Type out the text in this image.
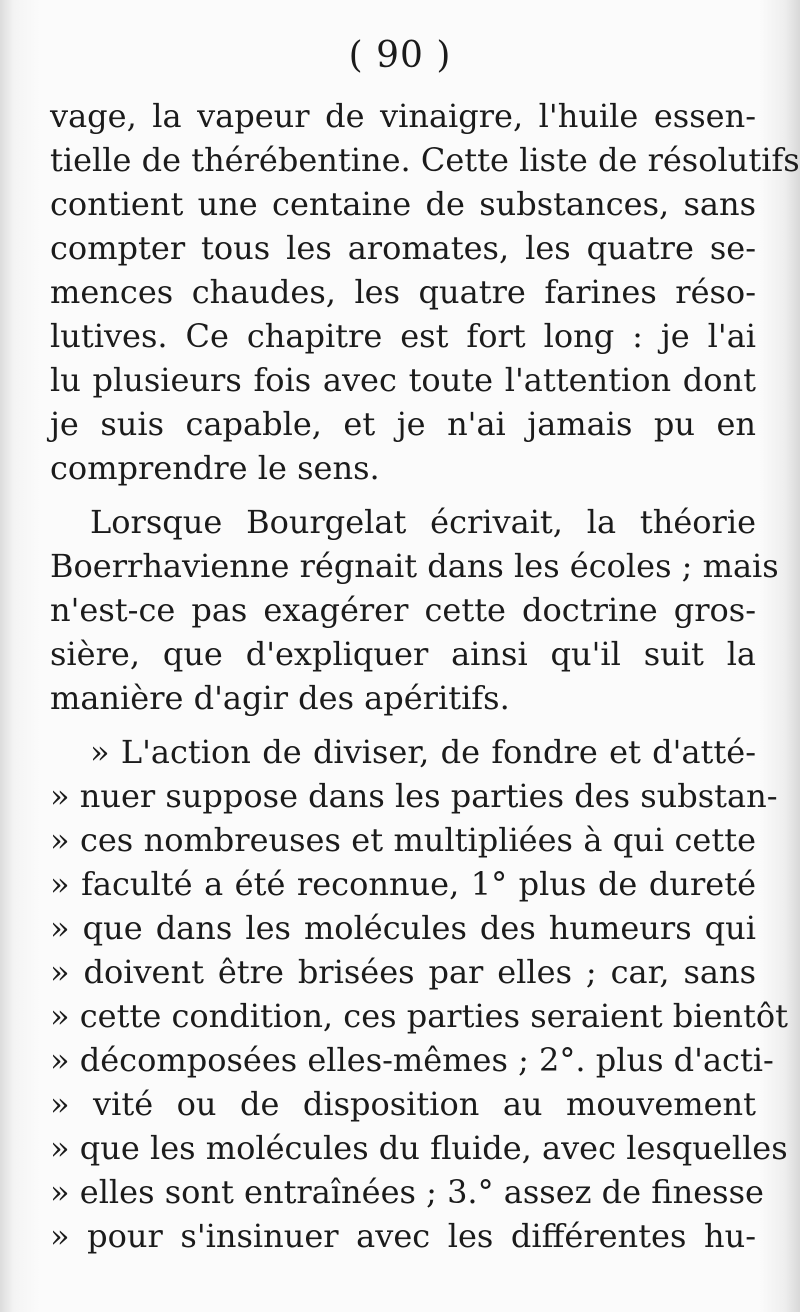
( 90 )
vage, la vapeur de vinaigre, l'huile essen-
tielle de thérébentine. Cette liste de résolutifs
contient une centaine de substances, sans
compter tous les aromates, les quatre se-
mences chaudes, les quatre farines réso-
lutives. Ce chapitre est fort long : je l'ai
lu plusieurs fois avec toute l'attention dont
je suis capable, et je n'ai jamais pu en
comprendre le sens.
Lorsque Bourgelat écrivait, la théorie
Boerrhavienne régnait dans les écoles ; mais
n'est-ce pas exagérer cette doctrine gros-
sière, que d'expliquer ainsi qu'il suit la
manière d'agir des apéritifs.
» L'action de diviser, de fondre et d'atté-
» nuer suppose dans les parties des substan-
» ces nombreuses et multipliées à qui cette
» faculté a été reconnue, 1° plus de dureté
» que dans les molécules des humeurs qui
» doivent être brisées par elles ; car, sans
» cette condition, ces parties seraient bientôt
» décomposées elles-mêmes ; 2°. plus d'acti-
» vité ou de disposition au mouvement
» que les molécules du fluide, avec lesquelles
» elles sont entraînées ; 3.° assez de finesse
» pour s'insinuer avec les différentes hu-
